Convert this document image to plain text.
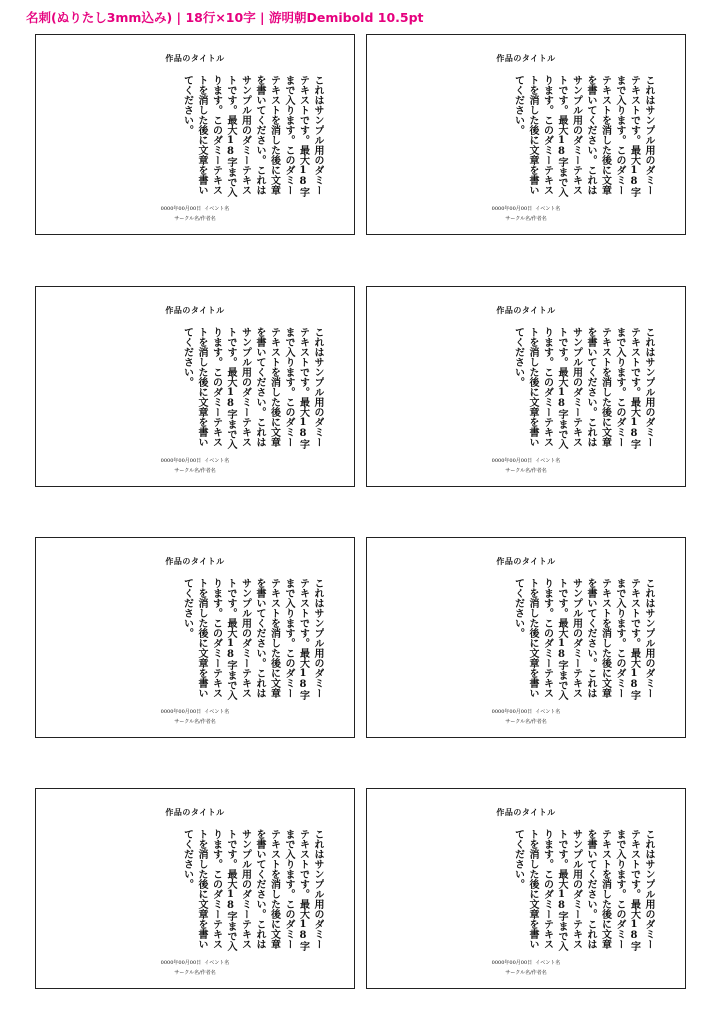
名刺(ぬりたし3mm込み) | 18行×10字 | 游明朝Demibold 10.5pt
作品のタイトル
これはサンプル用のダミーテキストです。最大18字まで入ります。このダミーテキストを消した後に文章を書いてください。これはサンプル用のダミーテキストです。最大18字まで入ります。このダミーテキストを消した後に文章を書いてください。
0000年00月00日  イベント名
サークル名/作者名
作品のタイトル
これはサンプル用のダミーテキストです。最大18字まで入ります。このダミーテキストを消した後に文章を書いてください。これはサンプル用のダミーテキストです。最大18字まで入ります。このダミーテキストを消した後に文章を書いてください。
0000年00月00日  イベント名
サークル名/作者名
作品のタイトル
これはサンプル用のダミーテキストです。最大18字まで入ります。このダミーテキストを消した後に文章を書いてください。これはサンプル用のダミーテキストです。最大18字まで入ります。このダミーテキストを消した後に文章を書いてください。
0000年00月00日  イベント名
サークル名/作者名
作品のタイトル
これはサンプル用のダミーテキストです。最大18字まで入ります。このダミーテキストを消した後に文章を書いてください。これはサンプル用のダミーテキストです。最大18字まで入ります。このダミーテキストを消した後に文章を書いてください。
0000年00月00日  イベント名
サークル名/作者名
作品のタイトル
これはサンプル用のダミーテキストです。最大18字まで入ります。このダミーテキストを消した後に文章を書いてください。これはサンプル用のダミーテキストです。最大18字まで入ります。このダミーテキストを消した後に文章を書いてください。
0000年00月00日  イベント名
サークル名/作者名
作品のタイトル
これはサンプル用のダミーテキストです。最大18字まで入ります。このダミーテキストを消した後に文章を書いてください。これはサンプル用のダミーテキストです。最大18字まで入ります。このダミーテキストを消した後に文章を書いてください。
0000年00月00日  イベント名
サークル名/作者名
作品のタイトル
これはサンプル用のダミーテキストです。最大18字まで入ります。このダミーテキストを消した後に文章を書いてください。これはサンプル用のダミーテキストです。最大18字まで入ります。このダミーテキストを消した後に文章を書いてください。
0000年00月00日  イベント名
サークル名/作者名
作品のタイトル
これはサンプル用のダミーテキストです。最大18字まで入ります。このダミーテキストを消した後に文章を書いてください。これはサンプル用のダミーテキストです。最大18字まで入ります。このダミーテキストを消した後に文章を書いてください。
0000年00月00日  イベント名
サークル名/作者名
